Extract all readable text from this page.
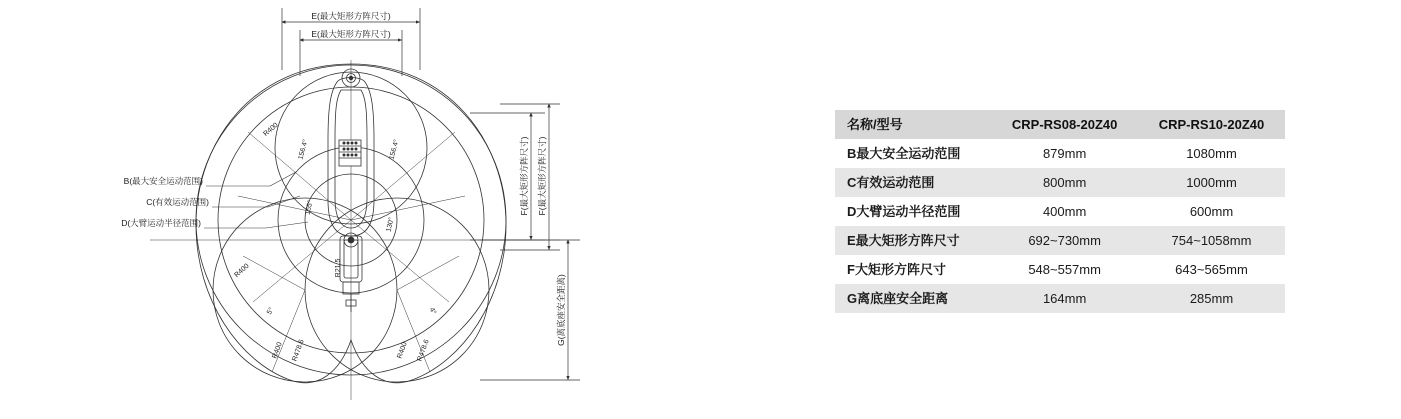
E(最大矩形方阵尺寸)
E(最大矩形方阵尺寸)
F(最大矩形方阵尺寸) F(最大矩形方阵尺寸)
G(离底座安全距离)
B(最大安全运动范围)
C(有效运动范围)
D(大臂运动半径范围)
R400
R400
R400 R478.6	R400 R478.6
156.4°	156.4°
155°
130°
5°	4°
R21.5
名称/型号	CRP-RS08-20Z40	CRP-RS10-20Z40
B最大安全运动范围	879mm	1080mm
C有效运动范围	800mm	1000mm
D大臂运动半径范围	400mm	600mm
E最大矩形方阵尺寸	692~730mm	754~1058mm
F大矩形方阵尺寸	548~557mm	643~565mm
G离底座安全距离	164mm	285mm
